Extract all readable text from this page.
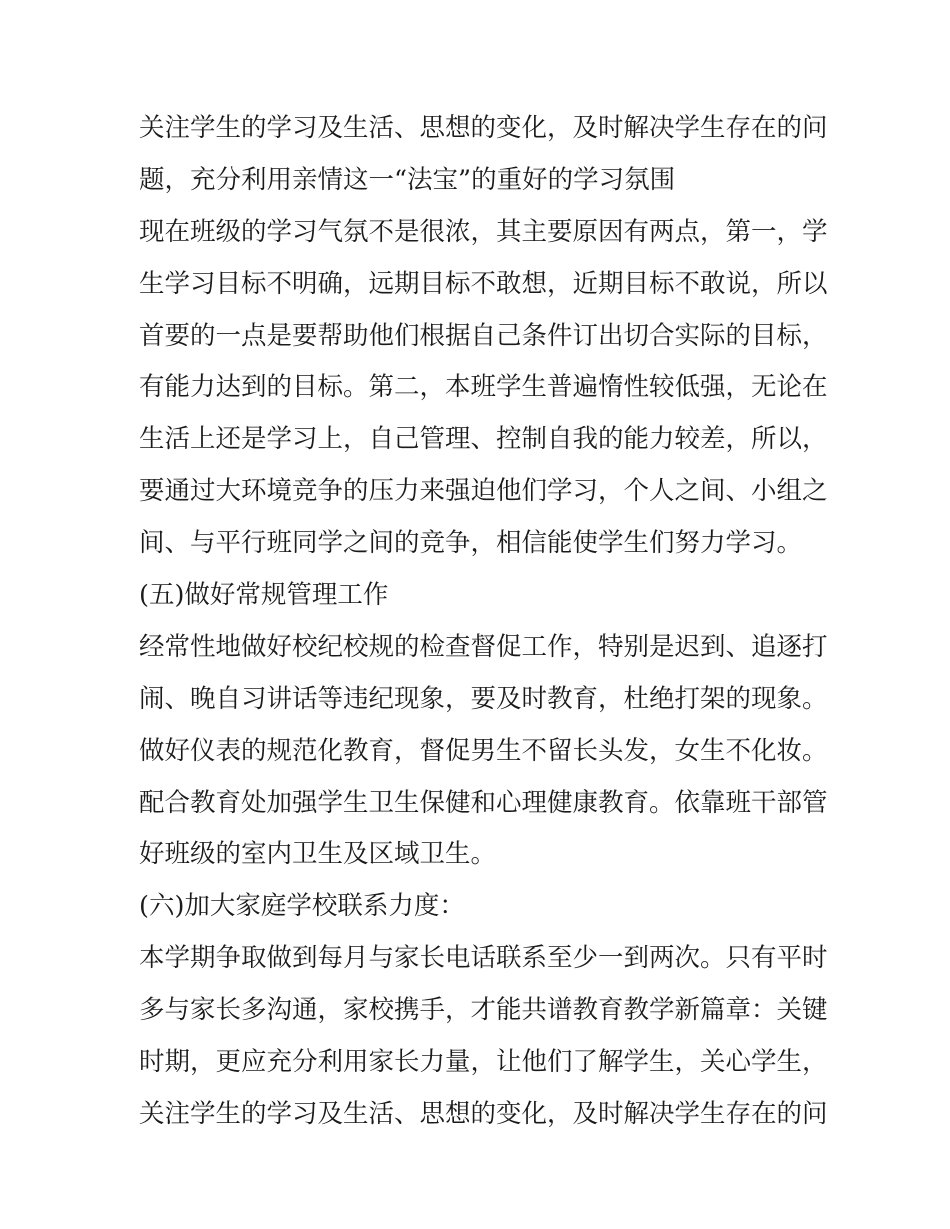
关注学生的学习及生活、思想的变化，及时解决学生存在的问
题，充分利用亲情这一“法宝”的重好的学习氛围
现在班级的学习气氛不是很浓，其主要原因有两点，第一，学
生学习目标不明确，远期目标不敢想，近期目标不敢说，所以
首要的一点是要帮助他们根据自己条件订出切合实际的目标，
有能力达到的目标。第二，本班学生普遍惰性较低强，无论在
生活上还是学习上，自己管理、控制自我的能力较差，所以，
要通过大环境竞争的压力来强迫他们学习，个人之间、小组之
间、与平行班同学之间的竞争，相信能使学生们努力学习。
(五)做好常规管理工作
经常性地做好校纪校规的检查督促工作，特别是迟到、追逐打
闹、晚自习讲话等违纪现象，要及时教育，杜绝打架的现象。
做好仪表的规范化教育，督促男生不留长头发，女生不化妆。
配合教育处加强学生卫生保健和心理健康教育。依靠班干部管
好班级的室内卫生及区域卫生。
(六)加大家庭学校联系力度：
本学期争取做到每月与家长电话联系至少一到两次。只有平时
多与家长多沟通，家校携手，才能共谱教育教学新篇章：关键
时期，更应充分利用家长力量，让他们了解学生，关心学生，
关注学生的学习及生活、思想的变化，及时解决学生存在的问
